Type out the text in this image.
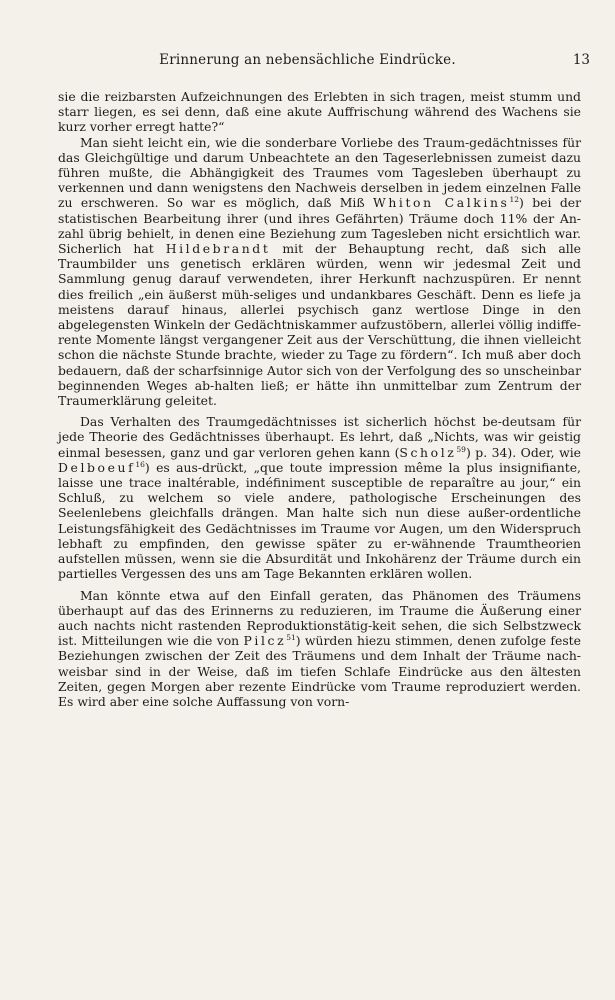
Erinnerung an nebensächliche Eindrücke.	13

sie die reizbarsten Aufzeichnungen des Erlebten in sich tragen, meist stumm und starr liegen, es sei denn, daß eine akute Auffrischung während des Wachens sie kurz vorher erregt hatte?“

Man sieht leicht ein, wie die sonderbare Vorliebe des Traum-gedächtnisses für das Gleichgültige und darum Unbeachtete an den Tageserlebnissen zumeist dazu führen mußte, die Abhängigkeit des Traumes vom Tagesleben überhaupt zu verkennen und dann wenigstens den Nachweis derselben in jedem einzelnen Falle zu erschweren. So war es möglich, daß Miß Whiton Calkins$^{12}$) bei der statistischen Bearbeitung ihrer (und ihres Gefährten) Träume doch 11% der An-zahl übrig behielt, in denen eine Beziehung zum Tagesleben nicht ersichtlich war. Sicherlich hat Hildebrandt mit der Behauptung recht, daß sich alle Traumbilder uns genetisch erklären würden, wenn wir jedesmal Zeit und Sammlung genug darauf verwendeten, ihrer Herkunft nachzuspüren. Er nennt dies freilich „ein äußerst müh-seliges und undankbares Geschäft. Denn es liefe ja meistens darauf hinaus, allerlei psychisch ganz wertlose Dinge in den abgelegensten Winkeln der Gedächtniskammer aufzustöbern, allerlei völlig indiffe-rente Momente längst vergangener Zeit aus der Verschüttung, die ihnen vielleicht schon die nächste Stunde brachte, wieder zu Tage zu fördern“. Ich muß aber doch bedauern, daß der scharfsinnige Autor sich von der Verfolgung des so unscheinbar beginnenden Weges ab-halten ließ; er hätte ihn unmittelbar zum Zentrum der Traumerklärung geleitet.

Das Verhalten des Traumgedächtnisses ist sicherlich höchst be-deutsam für jede Theorie des Gedächtnisses überhaupt. Es lehrt, daß „Nichts, was wir geistig einmal besessen, ganz und gar verloren gehen kann (Scholz$^{59}$) p. 34). Oder, wie Delboeuf$^{16}$) es aus-drückt, „que toute impression même la plus insignifiante, laisse une trace inaltérable, indéfiniment susceptible de reparaître au jour,“ ein Schluß, zu welchem so viele andere, pathologische Erscheinungen des Seelenlebens gleichfalls drängen. Man halte sich nun diese außer-ordentliche Leistungsfähigkeit des Gedächtnisses im Traume vor Augen, um den Widerspruch lebhaft zu empfinden, den gewisse später zu er-wähnende Traumtheorien aufstellen müssen, wenn sie die Absurdität und Inkohärenz der Träume durch ein partielles Vergessen des uns am Tage Bekannten erklären wollen.

Man könnte etwa auf den Einfall geraten, das Phänomen des Träumens überhaupt auf das des Erinnerns zu reduzieren, im Traume die Äußerung einer auch nachts nicht rastenden Reproduktionstätig-keit sehen, die sich Selbstzweck ist. Mitteilungen wie die von Pilcz$^{51}$) würden hiezu stimmen, denen zufolge feste Beziehungen zwischen der Zeit des Träumens und dem Inhalt der Träume nach-weisbar sind in der Weise, daß im tiefen Schlafe Eindrücke aus den ältesten Zeiten, gegen Morgen aber rezente Eindrücke vom Traume reproduziert werden. Es wird aber eine solche Auffassung von vorn-
